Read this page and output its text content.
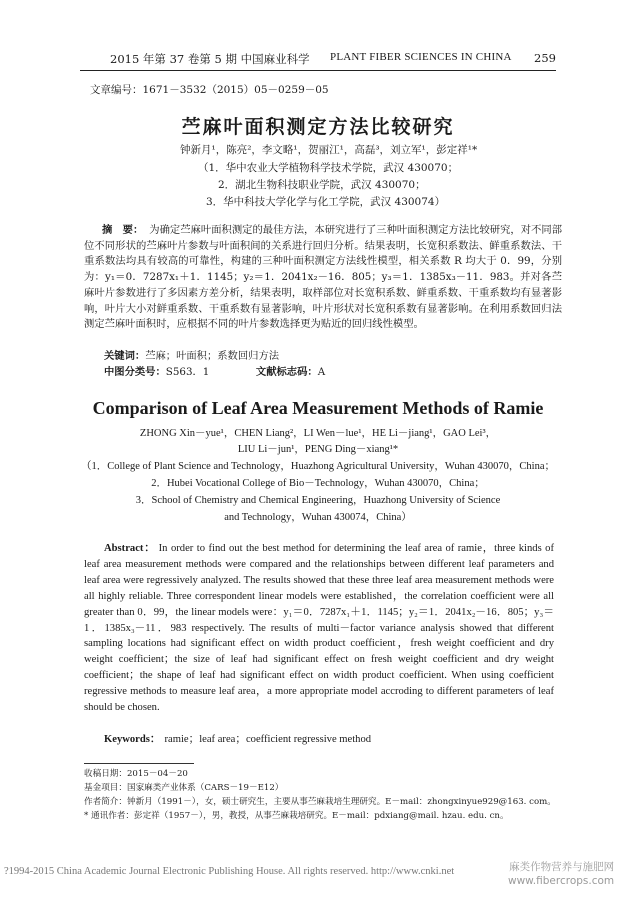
2015 年第 37 卷第 5 期 中国麻业科学 PLANT FIBER SCIENCES IN CHINA 259
文章编号：1671－3532（2015）05－0259－05
苎麻叶面积测定方法比较研究
钟新月¹，陈亮²，李文略¹，贺丽江¹，高磊³，刘立军¹，彭定祥¹*
（1．华中农业大学植物科学技术学院，武汉 430070；
2．湖北生物科技职业学院，武汉 430070；
3．华中科技大学化学与化工学院，武汉 430074）
摘　要： 为确定苎麻叶面积测定的最佳方法，本研究进行了三种叶面积测定方法比较研究，对不同部位不同形状的苎麻叶片参数与叶面积间的关系进行回归分析。结果表明，长宽积系数法、鲜重系数法、干重系数法均具有较高的可靠性，构建的三种叶面积测定方法线性模型，相关系数 R 均大于 0．99，分别为：y₁＝0．7287x₁＋1．1145；y₂＝1．2041x₂－16．805；y₃＝1．1385x₃－11．983。并对各苎麻叶片参数进行了多因素方差分析，结果表明，取样部位对长宽积系数、鲜重系数、干重系数均有显著影响，叶片大小对鲜重系数、干重系数有显著影响，叶片形状对长宽积系数有显著影响。在利用系数回归法测定苎麻叶面积时，应根据不同的叶片参数选择更为贴近的回归线性模型。
关键词：苎麻；叶面积；系数回归方法
中图分类号：S563．1	文献标志码：A
Comparison of Leaf Area Measurement Methods of Ramie
ZHONG Xin－yue¹，CHEN Liang²，LI Wen－lue¹，HE Li－jiang¹，GAO Lei³，
LIU Li－jun¹，PENG Ding－xiang¹*
（1．College of Plant Science and Technology，Huazhong Agricultural University，Wuhan 430070，China；
2．Hubei Vocational College of Bio－Technology，Wuhan 430070，China；
3．School of Chemistry and Chemical Engineering，Huazhong University of Science
and Technology，Wuhan 430074，China）
Abstract： In order to find out the best method for determining the leaf area of ramie，three kinds of leaf area measurement methods were compared and the relationships between different leaf parameters and leaf area were regressively analyzed. The results showed that these three leaf area measurement methods were all highly reliable. Three correspondent linear models were established，the correlation coefficient were all greater than 0．99，the linear models were：y₁＝0．7287x₁＋1．1145；y₂＝1．2041x₂－16．805；y₃＝1．1385x₃－11．983 respectively. The results of multi－factor variance analysis showed that different sampling locations had significant effect on width product coefficient，fresh weight coefficient and dry weight coefficient；the size of leaf had significant effect on fresh weight coefficient and dry weight coefficient；the shape of leaf had significant effect on width product coefficient. When using coefficient regressive methods to measure leaf area，a more appropriate model accroding to different parameters of leaf should be chosen.
Keywords： ramie；leaf area；coefficient regressive method
收稿日期：2015－04－20
基金项目：国家麻类产业体系（CARS－19－E12）
作者简介：钟新月（1991－），女，硕士研究生，主要从事苎麻栽培生理研究。E－mail：zhongxinyue929@163. com。
* 通讯作者：彭定祥（1957－），男，教授，从事苎麻栽培研究。E－mail：pdxiang@mail. hzau. edu. cn。
?1994-2015 China Academic Journal Electronic Publishing House. All rights reserved. http://www.cnki.net	麻类作物营养与施肥网
www.fibercrops.com
